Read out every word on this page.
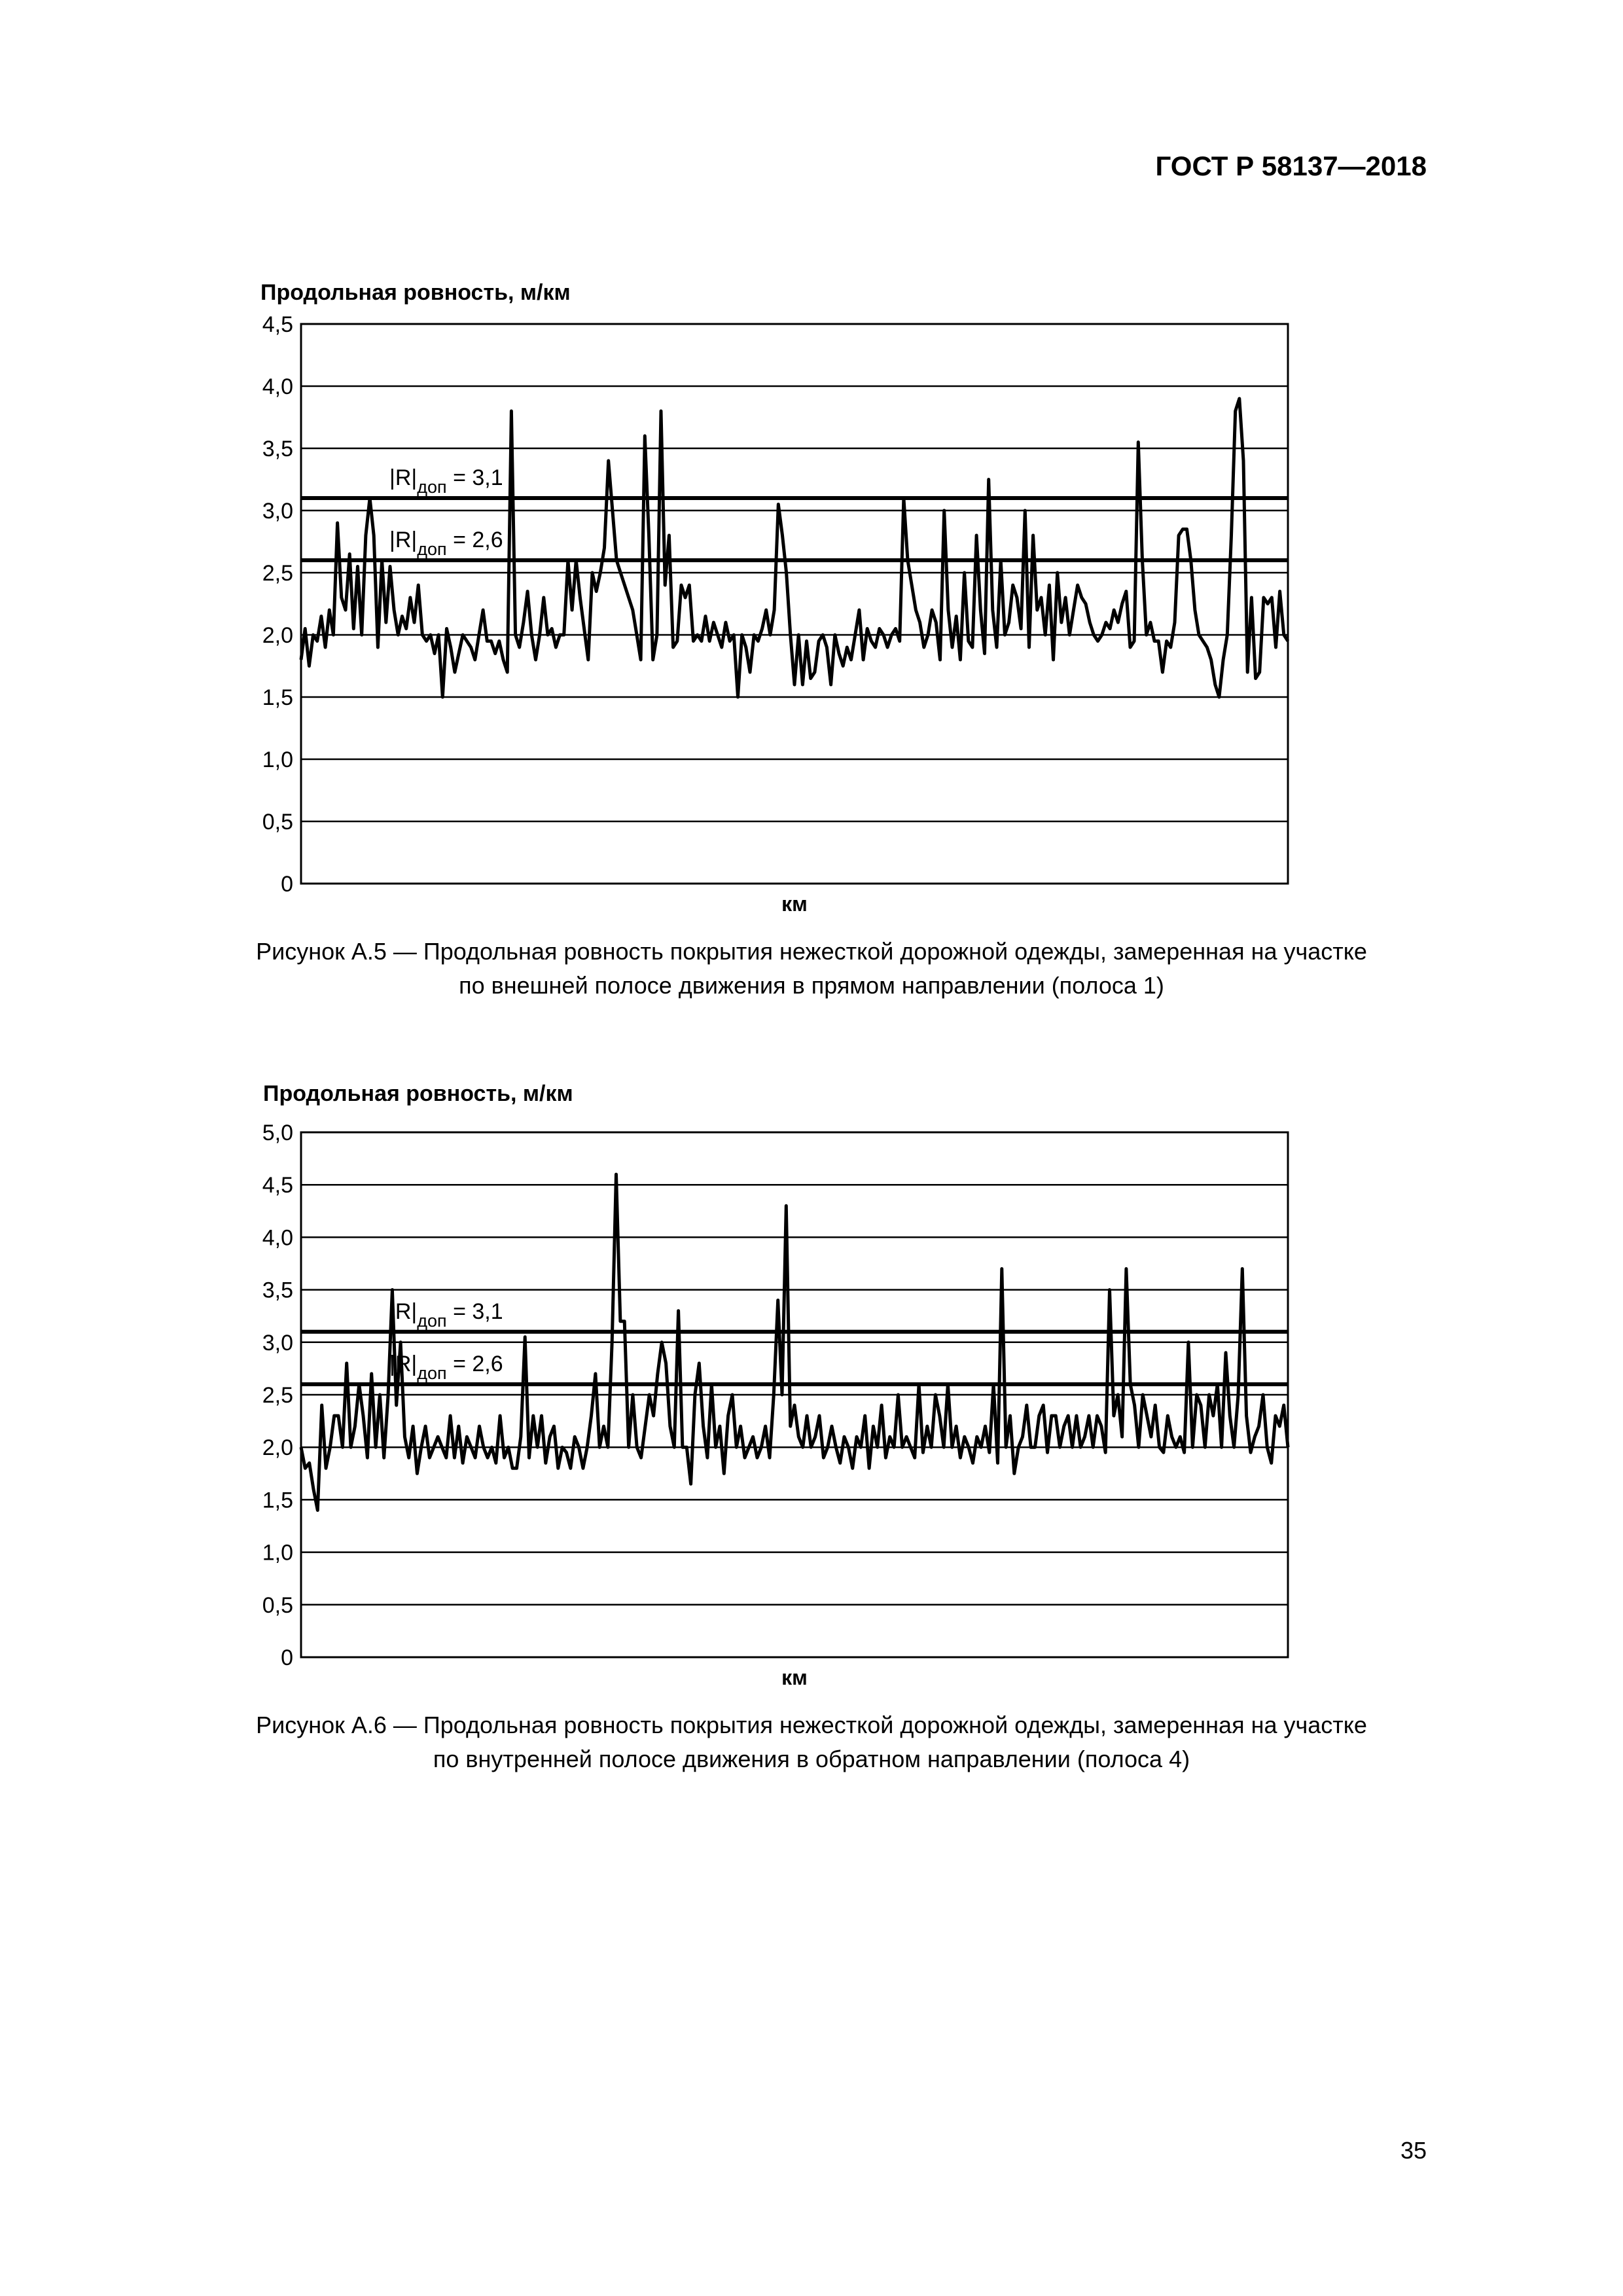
ГОСТ Р 58137—2018
Продольная ровность, м/км
0
0,5
1,0
1,5
2,0
2,5
3,0
3,5
4,0
4,5
$|R|_{доп} = 3,1$
$|R|_{доп} = 2,6$
км
Рисунок А.5 — Продольная ровность покрытия нежесткой дорожной одежды, замеренная на участке
по внешней полосе движения в прямом направлении (полоса 1)
Продольная ровность, м/км
0
0,5
1,0
1,5
2,0
2,5
3,0
3,5
4,0
4,5
5,0
$|R|_{доп} = 3,1$
$|R|_{доп} = 2,6$
км
Рисунок А.6 — Продольная ровность покрытия нежесткой дорожной одежды, замеренная на участке
по внутренней полосе движения в обратном направлении (полоса 4)
35
